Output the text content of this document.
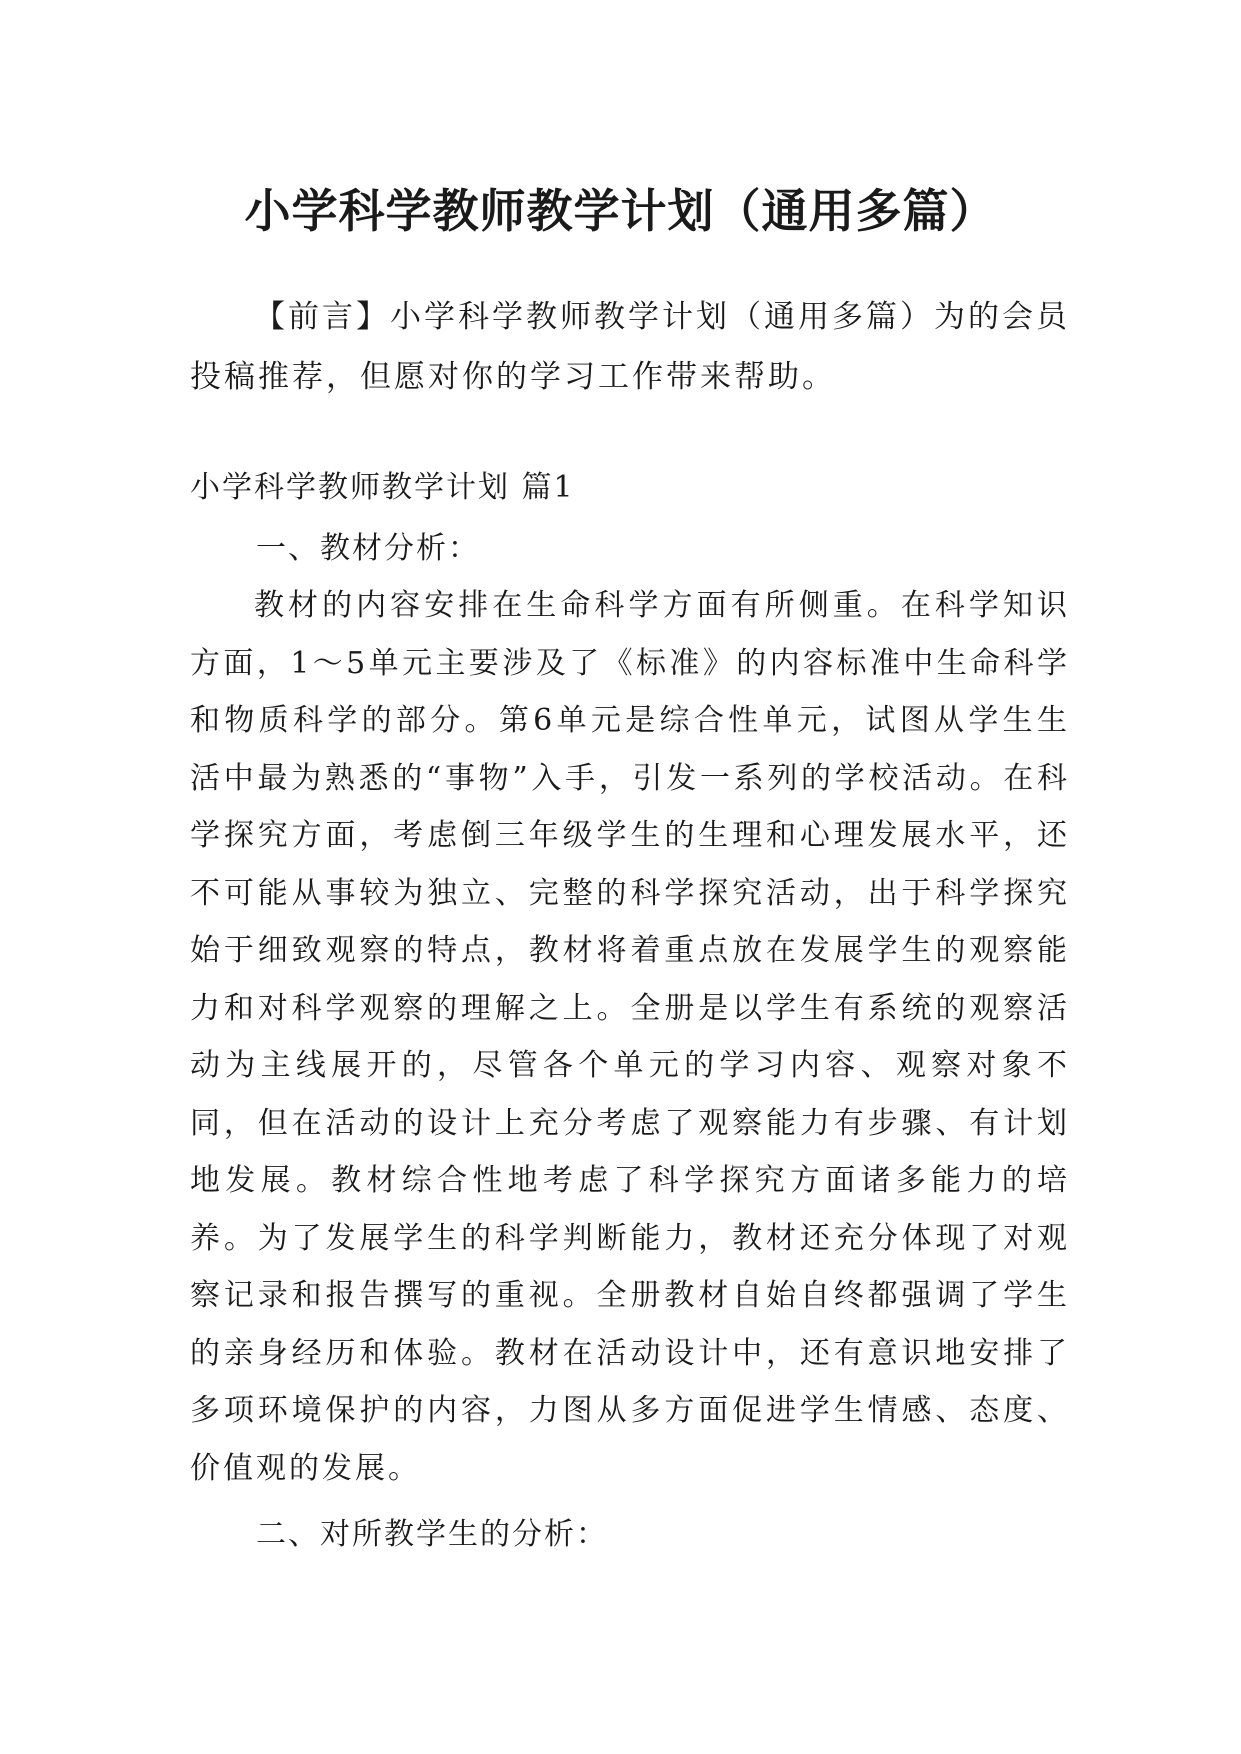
小学科学教师教学计划（通用多篇）

【前言】小学科学教师教学计划（通用多篇）为的会员投稿推荐，但愿对你的学习工作带来帮助。

小学科学教师教学计划 篇1

一、教材分析：

教材的内容安排在生命科学方面有所侧重。在科学知识方面，1～5单元主要涉及了《标准》的内容标准中生命科学和物质科学的部分。第6单元是综合性单元，试图从学生生活中最为熟悉的“事物”入手，引发一系列的学校活动。在科学探究方面，考虑倒三年级学生的生理和心理发展水平，还不可能从事较为独立、完整的科学探究活动，出于科学探究始于细致观察的特点，教材将着重点放在发展学生的观察能力和对科学观察的理解之上。全册是以学生有系统的观察活动为主线展开的，尽管各个单元的学习内容、观察对象不同，但在活动的设计上充分考虑了观察能力有步骤、有计划地发展。教材综合性地考虑了科学探究方面诸多能力的培养。为了发展学生的科学判断能力，教材还充分体现了对观察记录和报告撰写的重视。全册教材自始自终都强调了学生的亲身经历和体验。教材在活动设计中，还有意识地安排了多项环境保护的内容，力图从多方面促进学生情感、态度、价值观的发展。

二、对所教学生的分析：
